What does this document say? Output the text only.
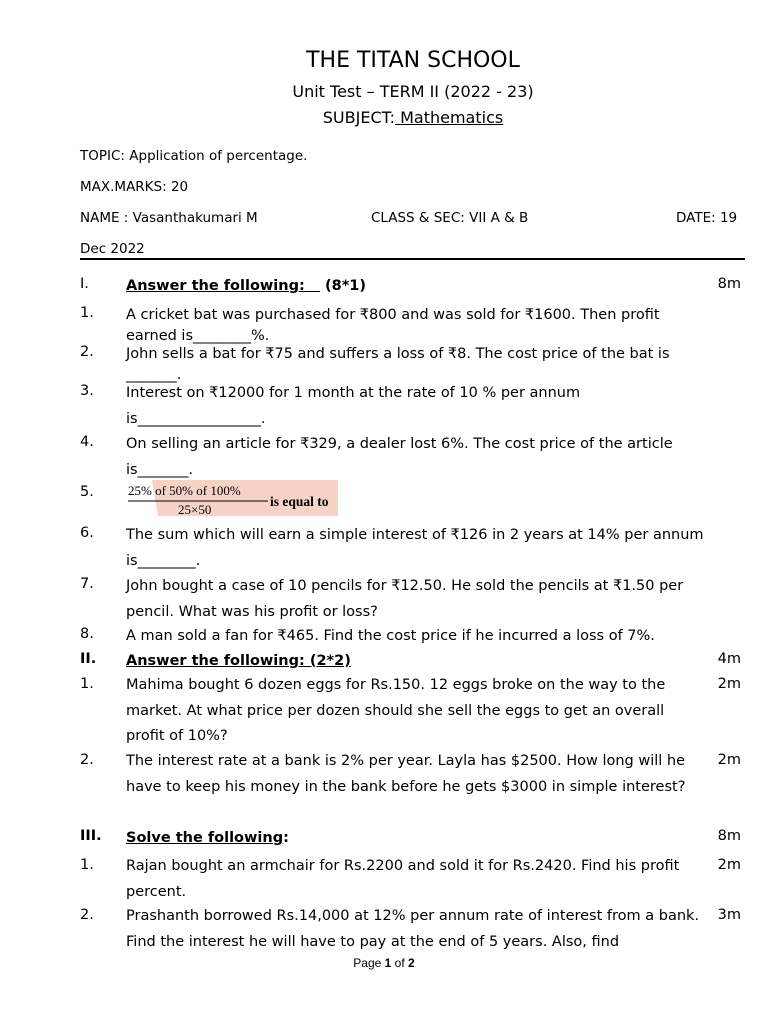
THE TITAN SCHOOL
Unit Test – TERM II (2022 - 23)
SUBJECT: Mathematics
TOPIC: Application of percentage.
MAX.MARKS: 20
NAME : Vasanthakumari M	CLASS & SEC: VII A & B	DATE: 19
Dec 2022
I.	Answer the following: (8*1)	8m
1. A cricket bat was purchased for ₹800 and was sold for ₹1600. Then profit earned is________%.
2. John sells a bat for ₹75 and suffers a loss of ₹8. The cost price of the bat is _______.
3. Interest on ₹12000 for 1 month at the rate of 10 % per annum is_________________.
4. On selling an article for ₹329, a dealer lost 6%. The cost price of the article is_______.
5.	25% of 50% of 100%
25×50
is equal to
6. The sum which will earn a simple interest of ₹126 in 2 years at 14% per annum is________.
7. John bought a case of 10 pencils for ₹12.50. He sold the pencils at ₹1.50 per pencil. What was his profit or loss?
8. A man sold a fan for ₹465. Find the cost price if he incurred a loss of 7%.
II. Answer the following: (2*2)	4m
1. Mahima bought 6 dozen eggs for Rs.150. 12 eggs broke on the way to the market. At what price per dozen should she sell the eggs to get an overall profit of 10%?
2m
2. The interest rate at a bank is 2% per year. Layla has $2500. How long will he have to keep his money in the bank before he gets $3000 in simple interest?
2m
III. Solve the following:	8m
1. Rajan bought an armchair for Rs.2200 and sold it for Rs.2420. Find his profit percent.
2m
2. Prashanth borrowed Rs.14,000 at 12% per annum rate of interest from a bank. Find the interest he will have to pay at the end of 5 years. Also, find
3m
Page 1 of 2
